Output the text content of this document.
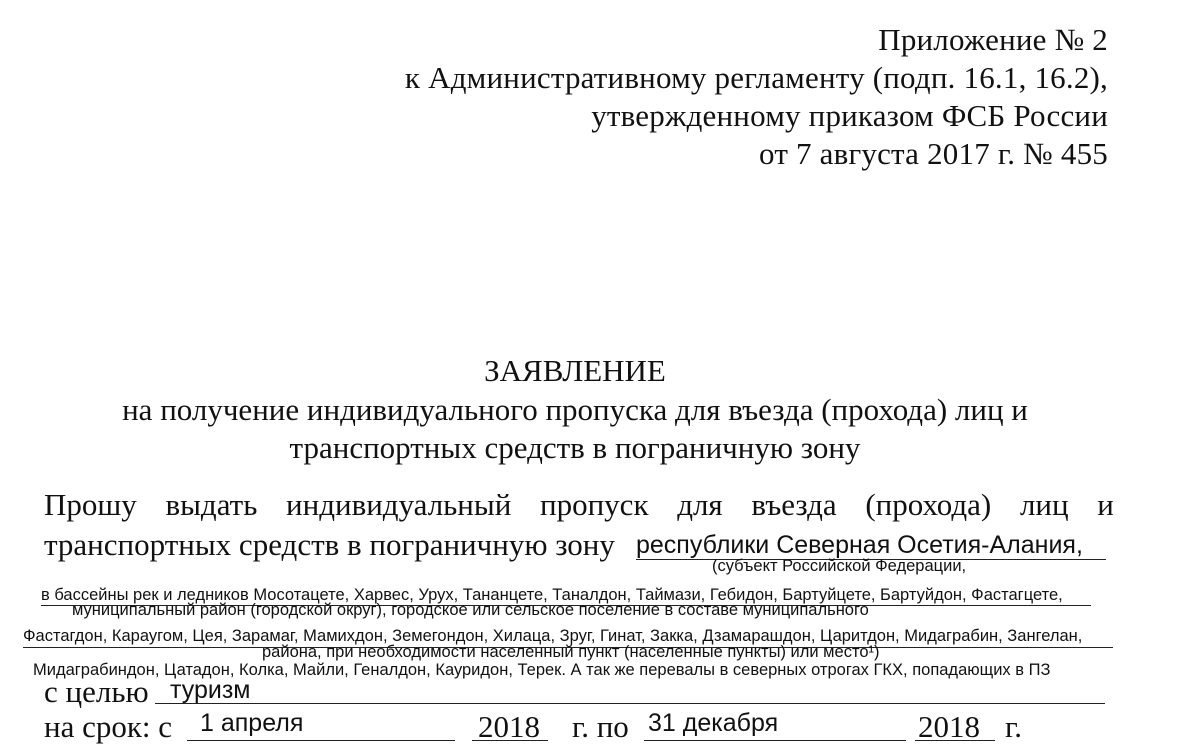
Приложение № 2
к Административному регламенту (подп. 16.1, 16.2),
утвержденному приказом ФСБ России
от 7 августа 2017 г. № 455
ЗАЯВЛЕНИЕ
на получение индивидуального пропуска для въезда (прохода) лиц и
транспортных средств в пограничную зону
Прошу выдать индивидуальный пропуск для въезда (прохода) лиц и
транспортных средств в пограничную зону республики Северная Осетия-Алания,
(субъект Российской Федерации,
в бассейны рек и ледников Мосотацете, Харвес, Урух, Тананцете, Таналдон, Таймази, Гебидон, Бартуйцете, Бартуйдон, Фастагцете,
муниципальный район (городской округ), городское или сельское поселение в составе муниципального
Фастагдон, Караугом, Цея, Зарамаг, Мамихдон, Земегондон, Хилаца, Зруг, Гинат, Закка, Дзамарашдон, Царитдон, Мидаграбин, Зангелан,
района, при необходимости населенный пункт (населенные пункты) или место¹)
Мидаграбиндон, Цатадон, Колка, Майли, Геналдон, Кауридон, Терек. А так же перевалы в северных отрогах ГКХ, попадающих в ПЗ
с целью туризм
на срок: с 1 апреля	2018 г. по 31 декабря	2018 г.
